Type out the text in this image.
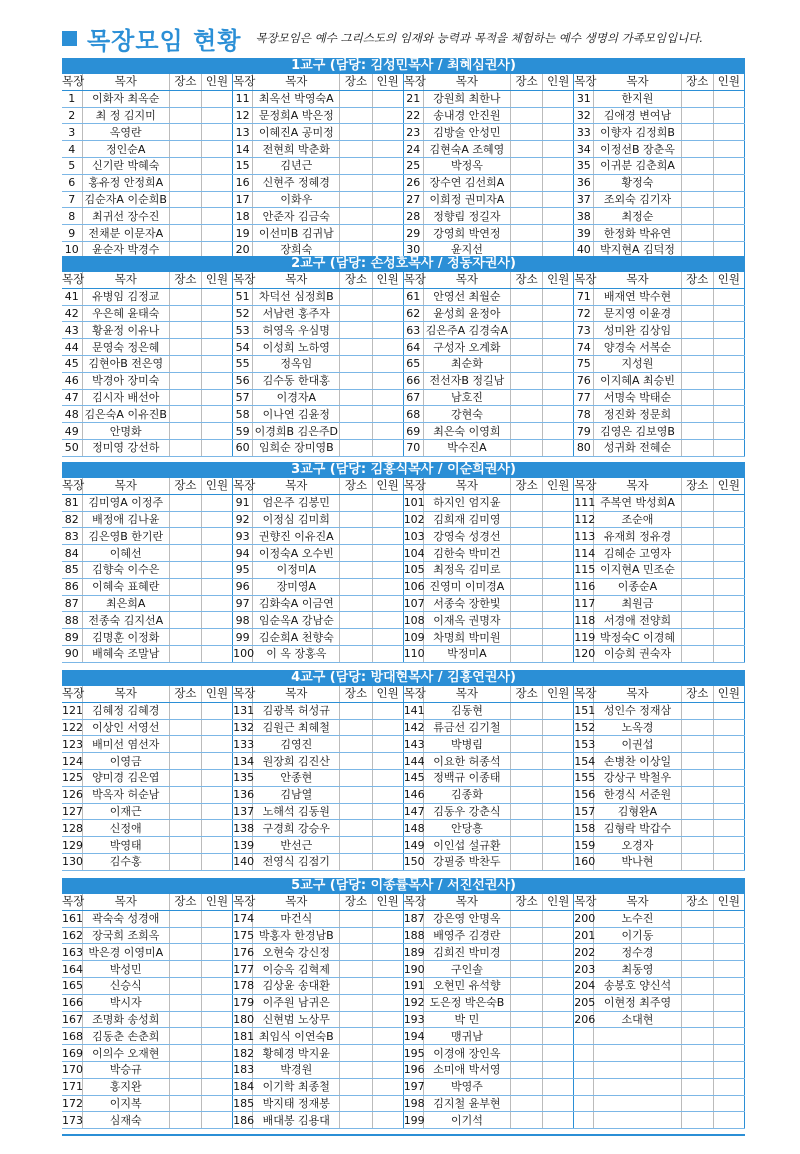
목장모임 현황 목장모임은 예수 그리스도의 임재와 능력과 목적을 체험하는 예수 생명의 가족모임입니다.
1교구 (담당: 김성민목사 / 최혜심권사)
목장	목자	장소	인원	목장	목자	장소	인원	목장	목자	장소	인원	목장	목자	장소	인원
1	이화자 최옥순			11	최옥선 박영숙A			21	강원희 최한나			31	한지원		
2	최 정 김지미			12	문정희A 박은정			22	송내경 안진원			32	김애경 변여남		
3	옥영란			13	이혜진A 공미정			23	김방술 안성민			33	이향자 김정희B		
4	정인순A			14	전현희 박춘화			24	김현숙A 조혜영			34	이정선B 장춘옥		
5	신기란 박혜숙			15	김년근			25	박정옥			35	이귀분 김춘희A		
6	홍유정 안정희A			16	신현주 정혜경			26	장수연 김선희A			36	황정숙		
7	김순자A 이순희B			17	이화우			27	이희정 권미자A			37	조외숙 김기자		
8	최귀선 장수진			18	안준자 김금숙			28	정향림 정길자			38	최정순		
9	전채분 이문자A			19	이선미B 김귀남			29	강영희 박연정			39	한정화 박유연		
10	윤순자 박경수			20	장희숙			30	윤지선			40	박지현A 김덕정		
2교구 (담당: 손성호목사 / 정동자권사)
목장	목자	장소	인원	목장	목자	장소	인원	목장	목자	장소	인원	목장	목자	장소	인원
41	유병임 김정교			51	차덕선 심정희B			61	안영선 최월순			71	배재연 박수현		
42	우은혜 윤태숙			52	서남련 홍주자			62	윤성희 윤정아			72	문지영 이윤경		
43	황윤정 이유나			53	허영옥 우심명			63	김은주A 김경숙A			73	성미완 김상임		
44	문영숙 정은혜			54	이성희 노하영			64	구성자 오계화			74	양경숙 서복순		
45	김현아B 전은영			55	정옥임			65	최순화			75	지성원		
46	박경아 장미숙			56	김수동 한대홍			66	전선자B 정길남			76	이지혜A 최승빈		
47	김시자 배선아			57	이경자A			67	남호진			77	서명숙 박태순		
48	김은숙A 이유진B			58	이나연 김윤정			68	강현숙			78	정진화 정문희		
49	안명화			59	이경희B 김은주D			69	최은숙 이영희			79	김영은 김보영B		
50	정미영 강선하			60	임희순 장미영B			70	박수진A			80	성귀화 전혜순		
3교구 (담당: 김홍식목사 / 이순희권사)
목장	목자	장소	인원	목장	목자	장소	인원	목장	목자	장소	인원	목장	목자	장소	인원
81	김미영A 이정주			91	엄은주 김봉민			101	하지인 엄지윤			111	주복연 박성희A		
82	배정애 김나윤			92	이정심 김미희			102	김희재 김미영			112	조순애		
83	김은영B 한기란			93	권향진 이유진A			103	강영숙 성경선			113	유재희 정유경		
84	이혜선			94	이정숙A 오수빈			104	김한숙 박미건			114	김혜순 고영자		
85	김향숙 이수은			95	이정미A			105	최정옥 김미로			115	이지현A 민조순		
86	이혜숙 표혜란			96	장미영A			106	진영미 이미경A			116	이종순A		
87	최은희A			97	김화숙A 이금연			107	서종숙 장한빛			117	최원금		
88	전종숙 김지선A			98	임순옥A 강남순			108	이재옥 권명자			118	서경애 전양희		
89	김명훈 이정화			99	김순희A 천향숙			109	차명희 박미원			119	박정숙C 이경혜		
90	배혜숙 조말남			100	이 옥 장홍옥			110	박정미A			120	이승희 권숙자		
4교구 (담당: 방대현목사 / 김홍연권사)
목장	목자	장소	인원	목장	목자	장소	인원	목장	목자	장소	인원	목장	목자	장소	인원
121	김혜정 김혜경			131	김광복 허성규			141	김동현			151	성인수 정재삼		
122	이상인 서영선			132	김원근 최혜철			142	류금선 김기철			152	노옥경		
123	배미선 염선자			133	김영진			143	박병림			153	이권섭		
124	이영금			134	원장희 김진산			144	이요한 허종석			154	손병찬 이상일		
125	양미경 김은엽			135	안종현			145	정백규 이종태			155	강상구 박철우		
126	박옥자 허순남			136	김남열			146	김종화			156	한경식 서준원		
127	이재근			137	노해석 김동원			147	김동우 강춘식			157	김형완A		
128	신정애			138	구경희 강승우			148	안당흥			158	김형락 박갑수		
129	박영태			139	반선근			149	이인섭 설규환			159	오경자		
130	김수홍			140	전영식 김점기			150	강필중 박찬두			160	박나현		
5교구 (담당: 이종률목사 / 서진선권사)
목장	목자	장소	인원	목장	목자	장소	인원	목장	목자	장소	인원	목장	목자	장소	인원
161	곽숙숙 성경애			174	마건식			187	강은영 안명옥			200	노수진		
162	장국희 조희옥			175	박홍자 한경남B			188	배영주 김경란			201	이기동		
163	박은경 이영미A			176	오현숙 강신정			189	김희진 박미경			202	정수경		
164	박성민			177	이승옥 김혁제			190	구인솔			203	최동영		
165	신승식			178	김상윤 송대환			191	오현민 유석향			204	송봉호 양신석		
166	박시자			179	이주원 남귀은			192	도은정 박은숙B			205	이현정 최주영		
167	조명화 송성희			180	신현범 노상무			193	박 민			206	소대현		
168	김동춘 손춘희			181	최임식 이연숙B			194	맹귀남						
169	이의수 오재현			182	황혜경 박지윤			195	이경애 장인옥						
170	박승규			183	박경원			196	소미애 박서영						
171	홍지완			184	이기학 최종철			197	박영주						
172	이지복			185	박지태 정재봉			198	김지철 윤부현						
173	심재숙			186	배대봉 김용대			199	이기석						
